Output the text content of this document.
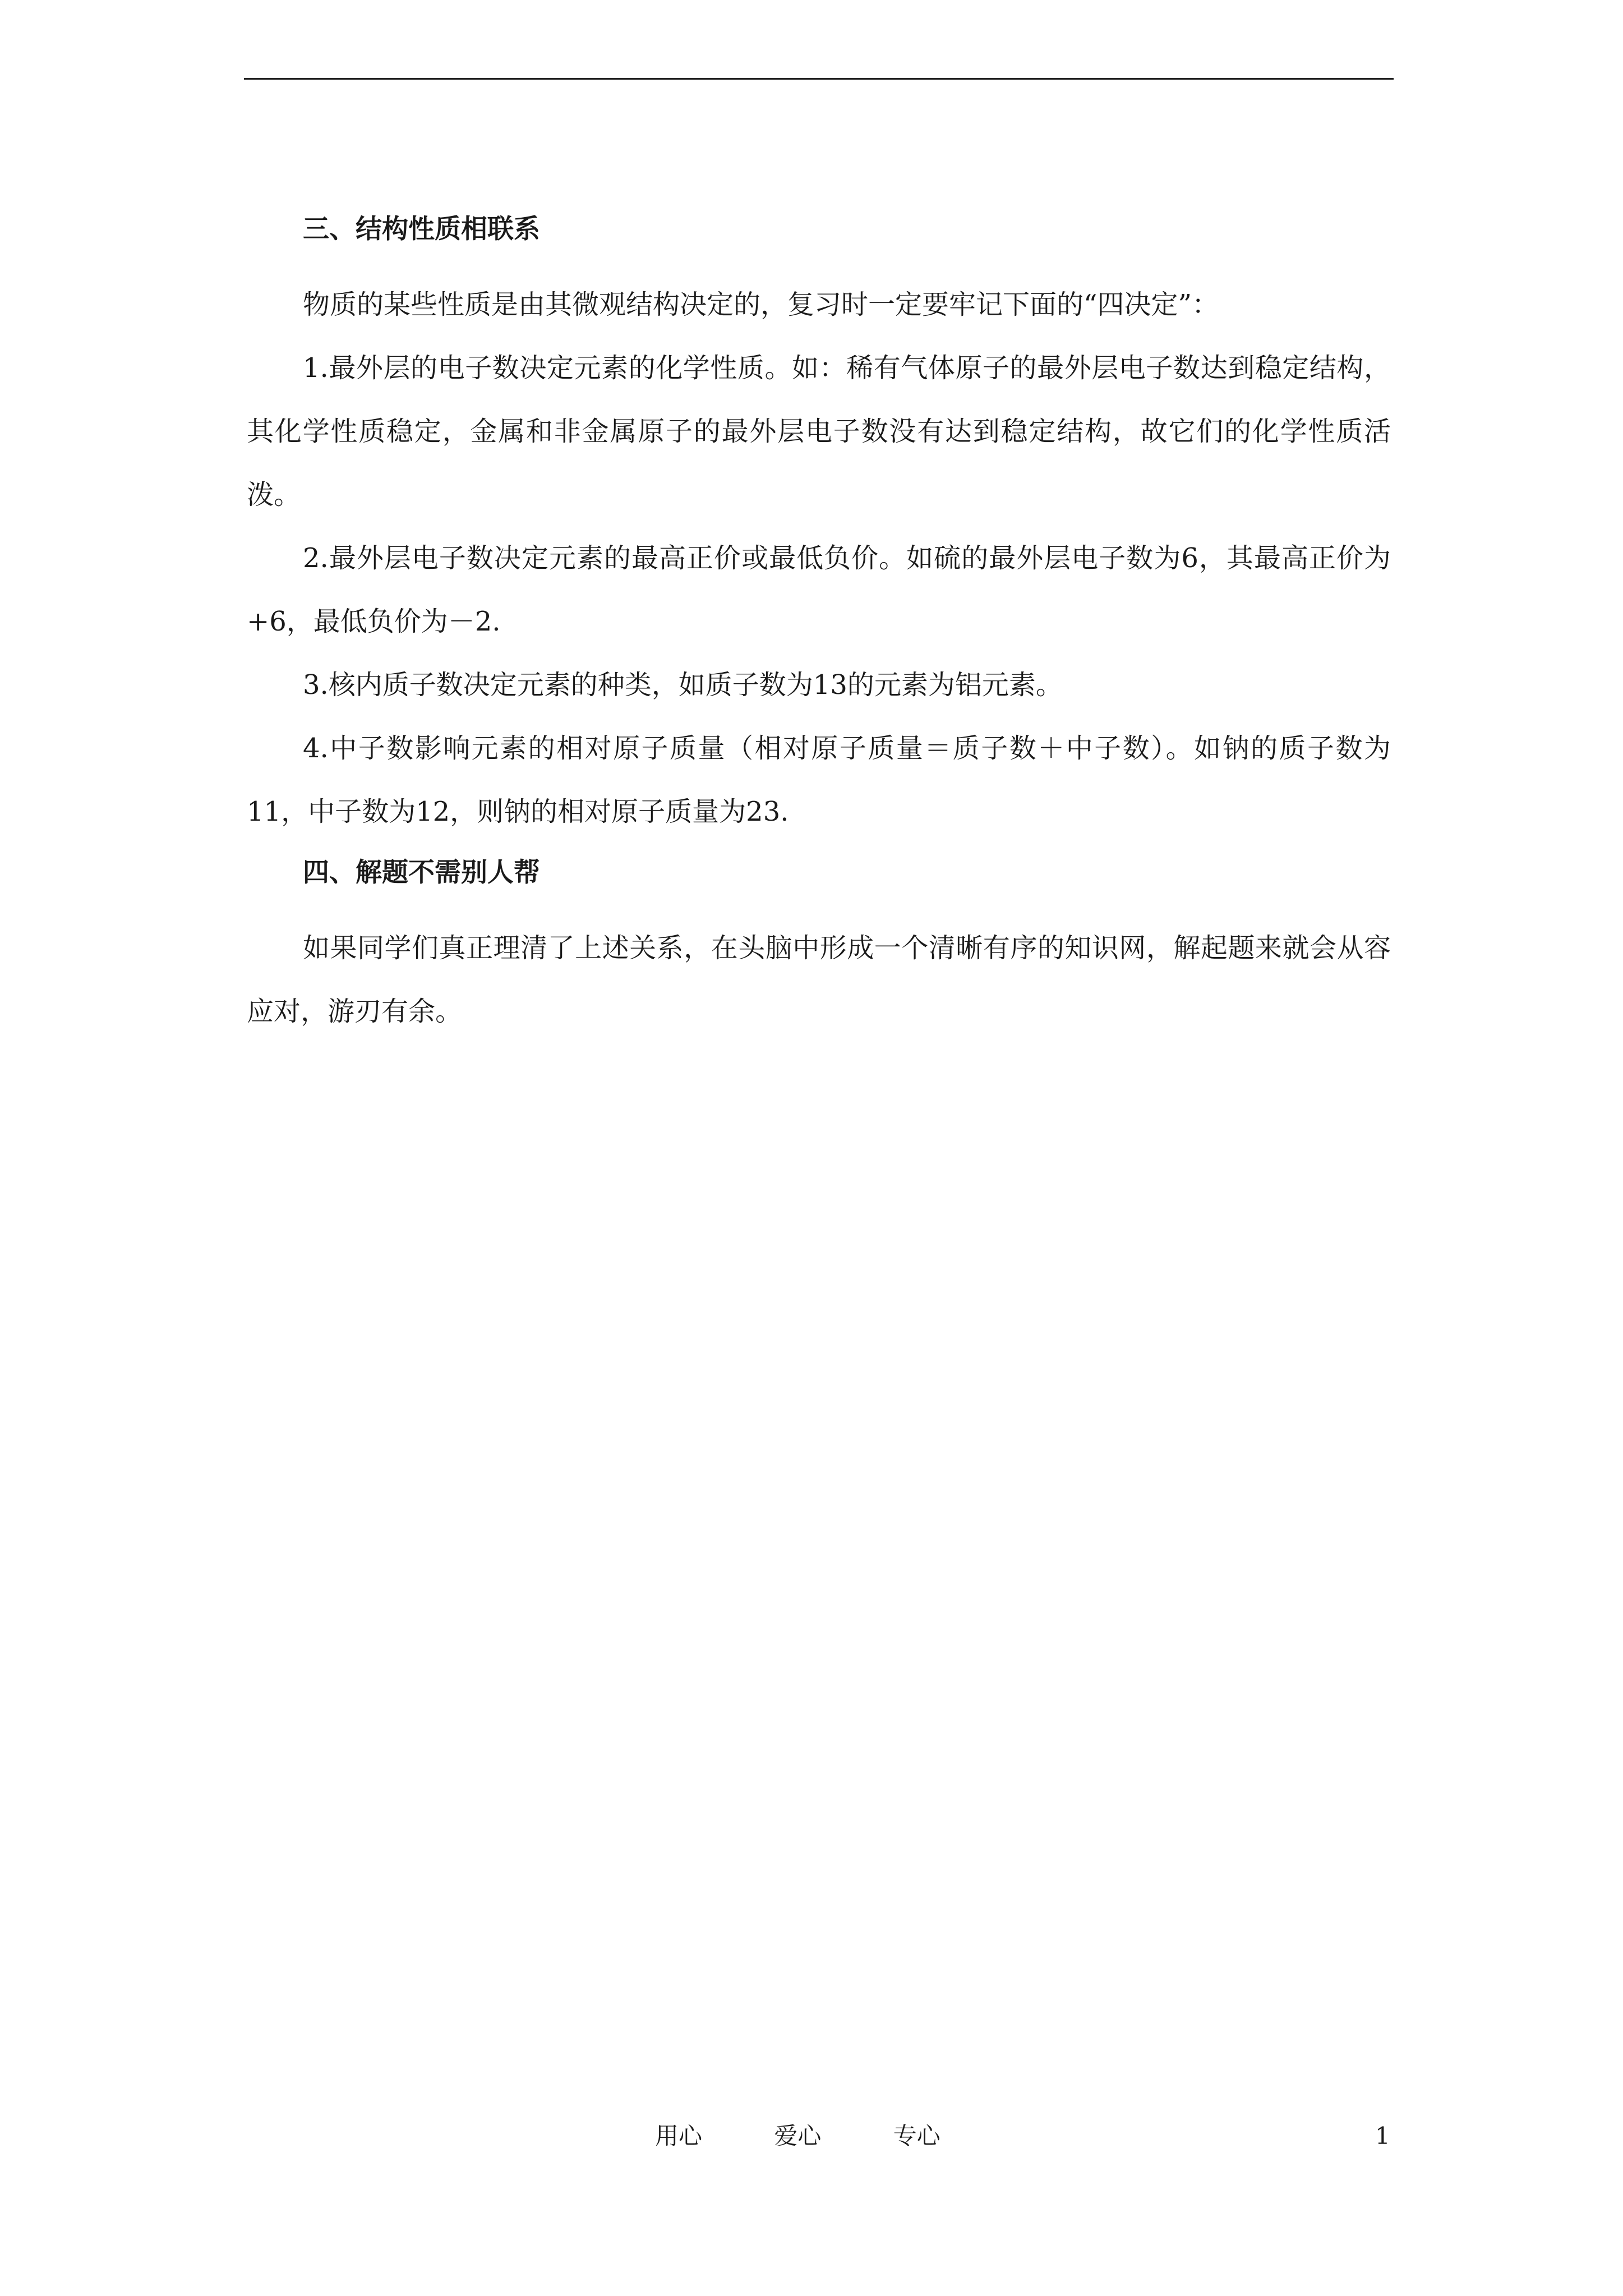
三、结构性质相联系

物质的某些性质是由其微观结构决定的，复习时一定要牢记下面的“四决定”：

1.最外层的电子数决定元素的化学性质。如：稀有气体原子的最外层电子数达到稳定结构，其化学性质稳定，金属和非金属原子的最外层电子数没有达到稳定结构，故它们的化学性质活泼。

2.最外层电子数决定元素的最高正价或最低负价。如硫的最外层电子数为6，其最高正价为+6，最低负价为－2.

3.核内质子数决定元素的种类，如质子数为13的元素为铝元素。

4.中子数影响元素的相对原子质量（相对原子质量＝质子数＋中子数）。如钠的质子数为11，中子数为12，则钠的相对原子质量为23.

四、解题不需别人帮

如果同学们真正理清了上述关系，在头脑中形成一个清晰有序的知识网，解起题来就会从容应对，游刃有余。

用心	爱心	专心	1
